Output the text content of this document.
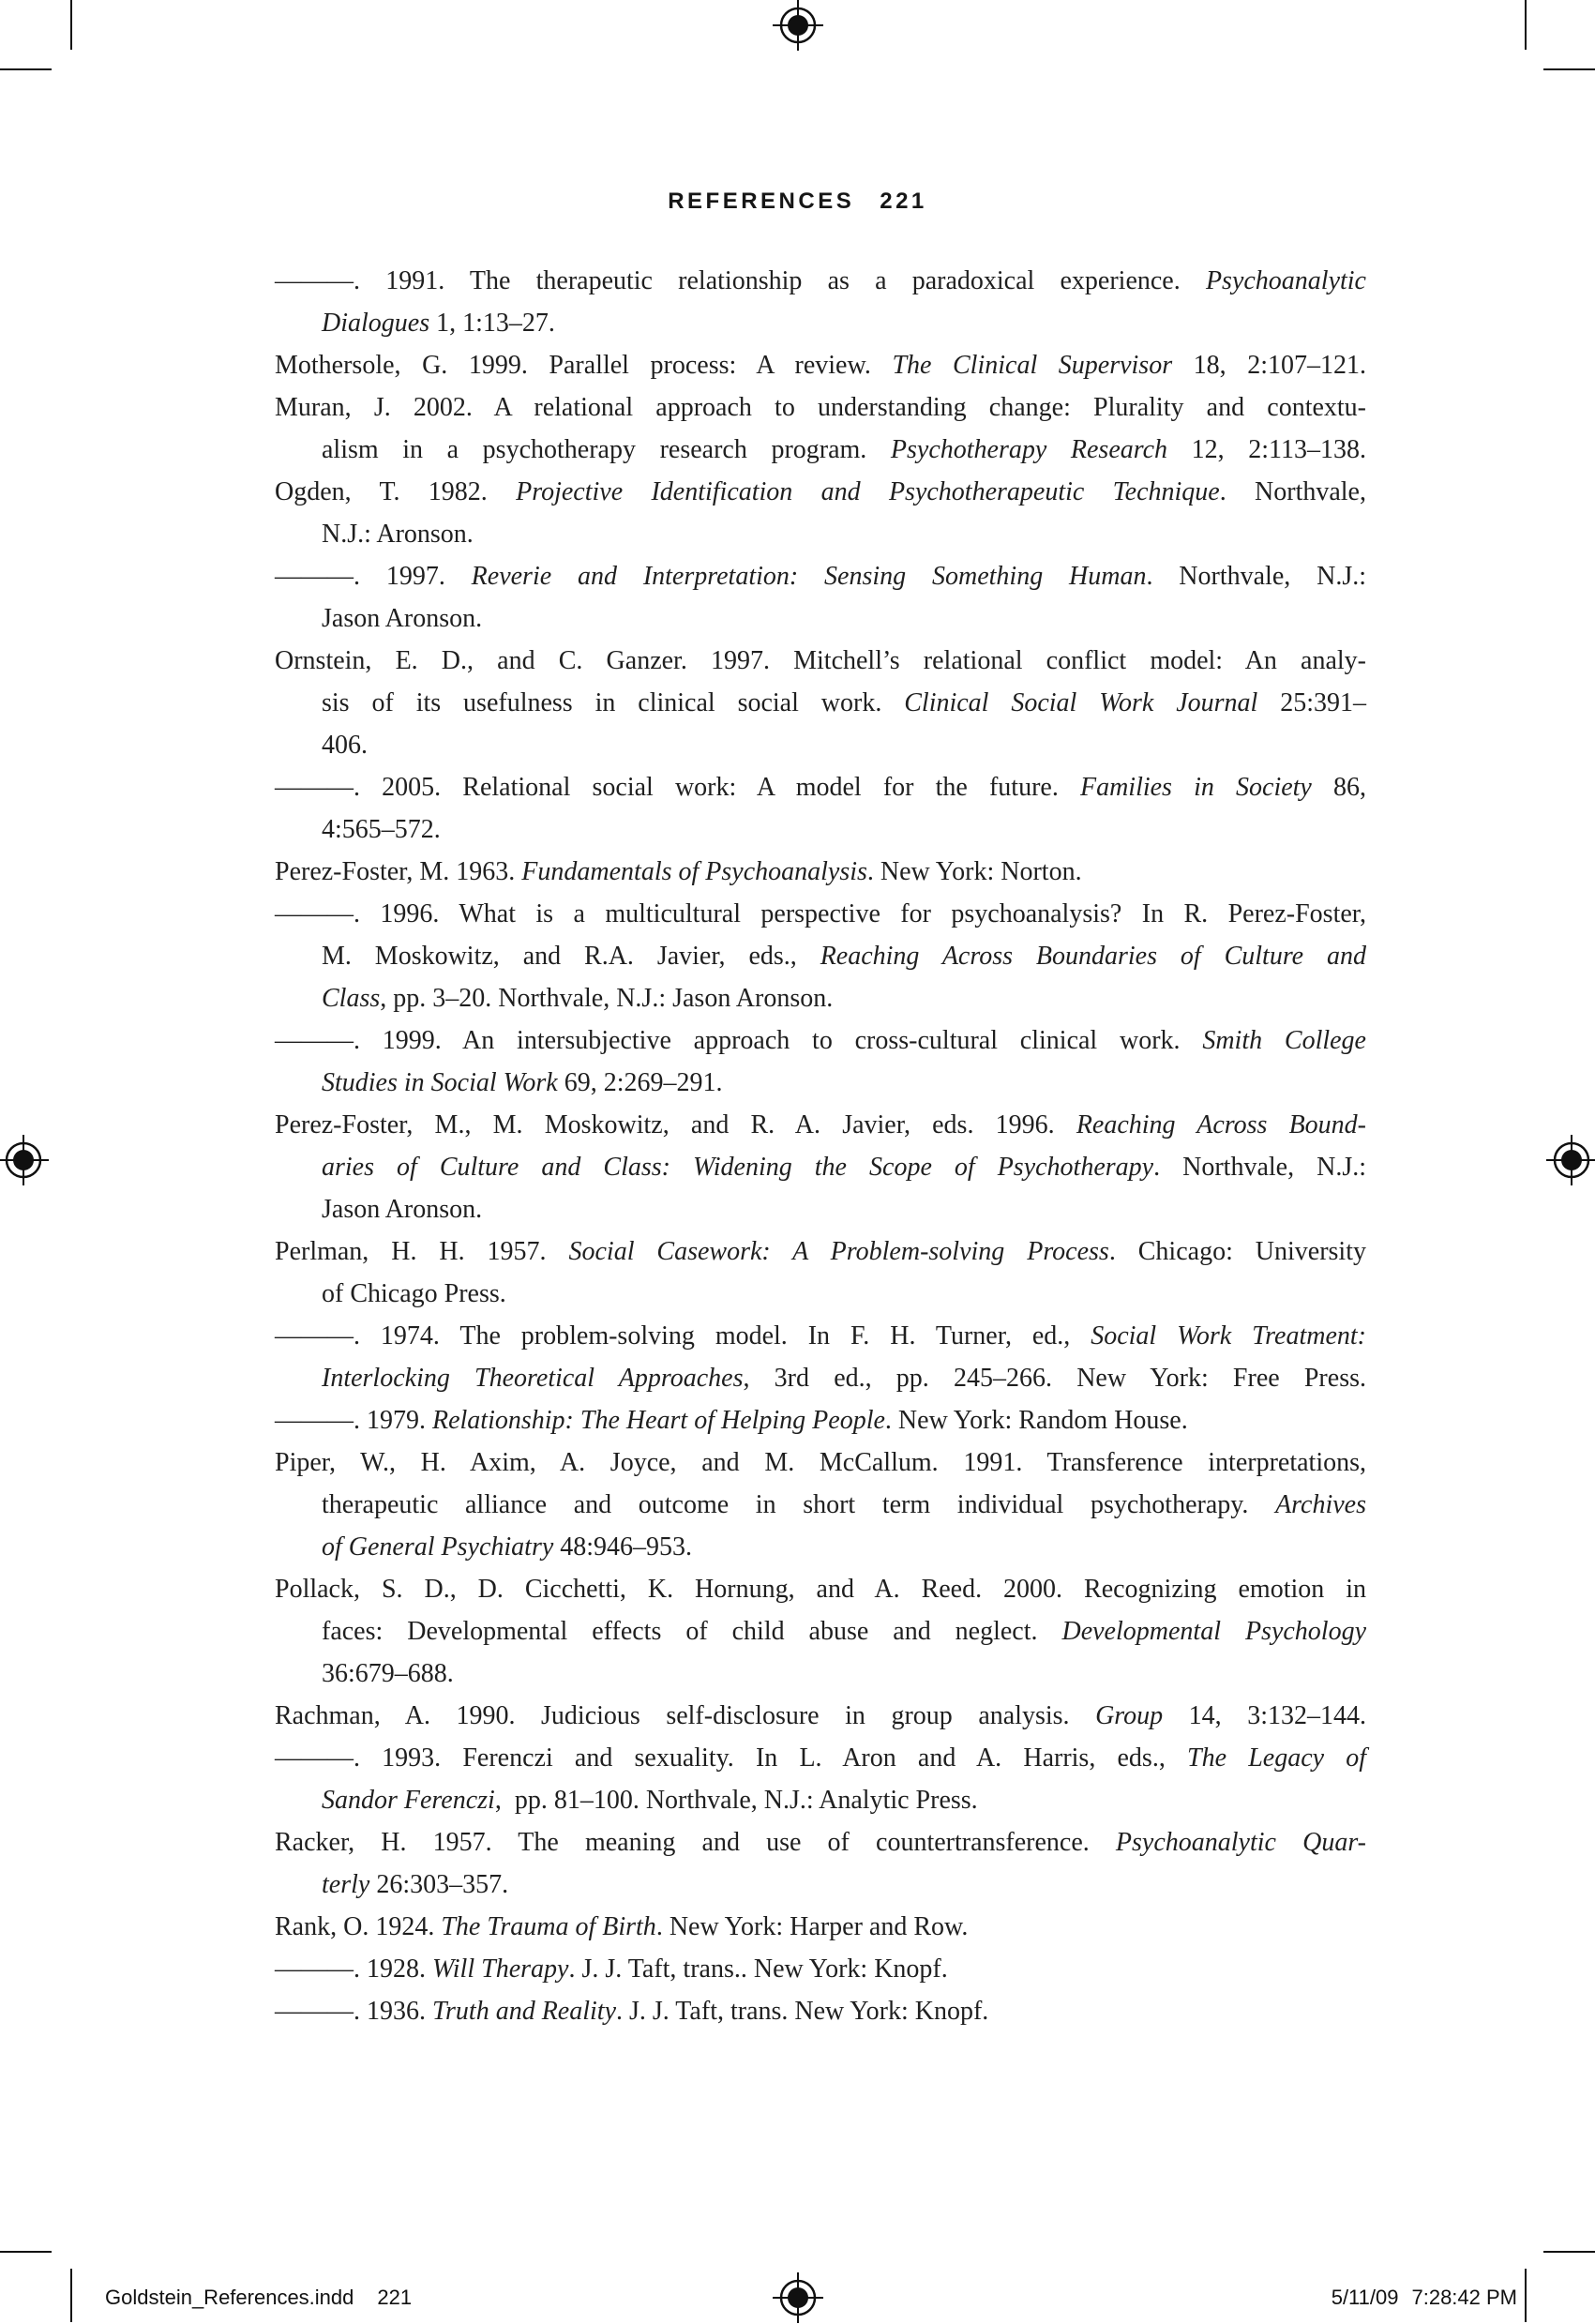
REFERENCES 221
———. 1991. The therapeutic relationship as a paradoxical experience. Psychoanalytic
Dialogues 1, 1:13–27.
Mothersole, G. 1999. Parallel process: A review. The Clinical Supervisor 18, 2:107–121.
Muran, J. 2002. A relational approach to understanding change: Plurality and contextu-
alism in a psychotherapy research program. Psychotherapy Research 12, 2:113–138.
Ogden, T. 1982. Projective Identification and Psychotherapeutic Technique. Northvale,
N.J.: Aronson.
———. 1997. Reverie and Interpretation: Sensing Something Human. Northvale, N.J.:
Jason Aronson.
Ornstein, E. D., and C. Ganzer. 1997. Mitchell’s relational conflict model: An analy-
sis of its usefulness in clinical social work. Clinical Social Work Journal 25:391–
406.
———. 2005. Relational social work: A model for the future. Families in Society 86,
4:565–572.
Perez-Foster, M. 1963. Fundamentals of Psychoanalysis. New York: Norton.
———. 1996. What is a multicultural perspective for psychoanalysis? In R. Perez-Foster,
M. Moskowitz, and R.A. Javier, eds., Reaching Across Boundaries of Culture and
Class, pp. 3–20. Northvale, N.J.: Jason Aronson.
———. 1999. An intersubjective approach to cross-cultural clinical work. Smith College
Studies in Social Work 69, 2:269–291.
Perez-Foster, M., M. Moskowitz, and R. A. Javier, eds. 1996. Reaching Across Bound-
aries of Culture and Class: Widening the Scope of Psychotherapy. Northvale, N.J.:
Jason Aronson.
Perlman, H. H. 1957. Social Casework: A Problem-solving Process. Chicago: University
of Chicago Press.
———. 1974. The problem-solving model. In F. H. Turner, ed., Social Work Treatment:
Interlocking Theoretical Approaches, 3rd ed., pp. 245–266. New York: Free Press.
———. 1979. Relationship: The Heart of Helping People. New York: Random House.
Piper, W., H. Axim, A. Joyce, and M. McCallum. 1991. Transference interpretations,
therapeutic alliance and outcome in short term individual psychotherapy. Archives
of General Psychiatry 48:946–953.
Pollack, S. D., D. Cicchetti, K. Hornung, and A. Reed. 2000. Recognizing emotion in
faces: Developmental effects of child abuse and neglect. Developmental Psychology
36:679–688.
Rachman, A. 1990. Judicious self-disclosure in group analysis. Group 14, 3:132–144.
———. 1993. Ferenczi and sexuality. In L. Aron and A. Harris, eds., The Legacy of
Sandor Ferenczi,  pp. 81–100. Northvale, N.J.: Analytic Press.
Racker, H. 1957. The meaning and use of countertransference. Psychoanalytic Quar-
terly 26:303–357.
Rank, O. 1924. The Trauma of Birth. New York: Harper and Row.
———. 1928. Will Therapy. J. J. Taft, trans.. New York: Knopf.
———. 1936. Truth and Reality. J. J. Taft, trans. New York: Knopf.
Goldstein_References.indd 221	5/11/09 7:28:42 PM
